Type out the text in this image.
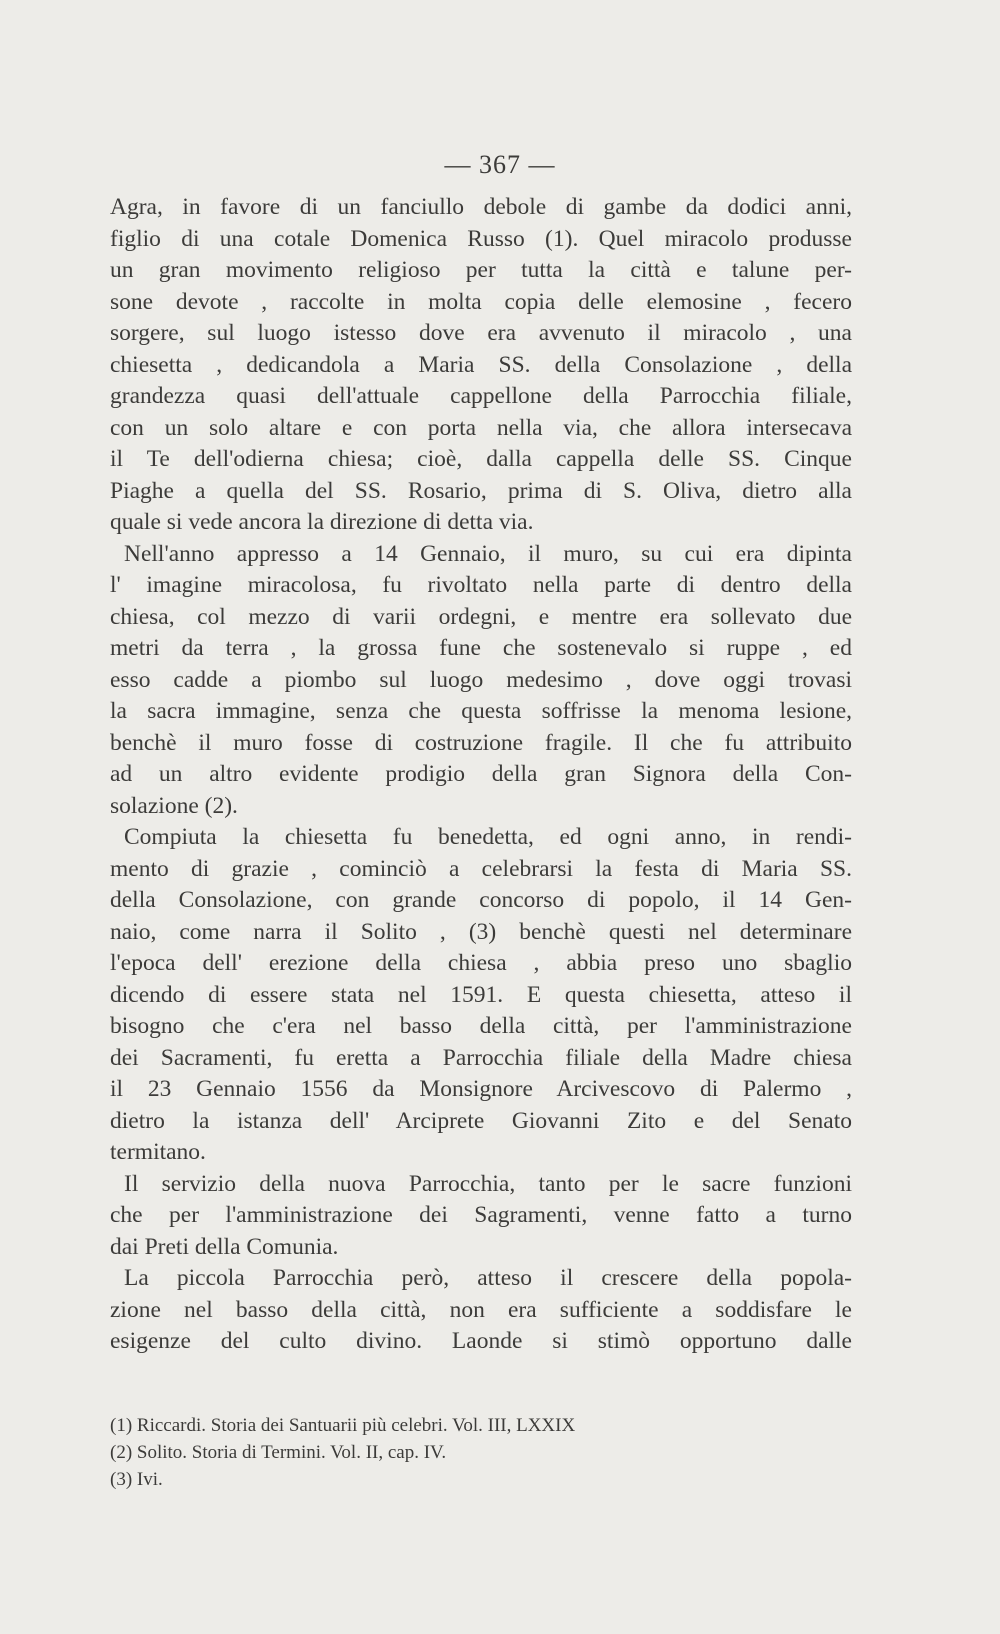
— 367 —
Agra, in favore di un fanciullo debole di gambe da dodici anni,
figlio di una cotale Domenica Russo (1). Quel miracolo produsse
un gran movimento religioso per tutta la città e talune per-
sone devote , raccolte in molta copia delle elemosine , fecero
sorgere, sul luogo istesso dove era avvenuto il miracolo , una
chiesetta , dedicandola a Maria SS. della Consolazione , della
grandezza quasi dell'attuale cappellone della Parrocchia filiale,
con un solo altare e con porta nella via, che allora intersecava
il Te dell'odierna chiesa; cioè, dalla cappella delle SS. Cinque
Piaghe a quella del SS. Rosario, prima di S. Oliva, dietro alla
quale si vede ancora la direzione di detta via.
Nell'anno appresso a 14 Gennaio, il muro, su cui era dipinta
l' imagine miracolosa, fu rivoltato nella parte di dentro della
chiesa, col mezzo di varii ordegni, e mentre era sollevato due
metri da terra , la grossa fune che sostenevalo si ruppe , ed
esso cadde a piombo sul luogo medesimo , dove oggi trovasi
la sacra immagine, senza che questa soffrisse la menoma lesione,
benchè il muro fosse di costruzione fragile. Il che fu attribuito
ad un altro evidente prodigio della gran Signora della Con-
solazione (2).
Compiuta la chiesetta fu benedetta, ed ogni anno, in rendi-
mento di grazie , cominciò a celebrarsi la festa di Maria SS.
della Consolazione, con grande concorso di popolo, il 14 Gen-
naio, come narra il Solito , (3) benchè questi nel determinare
l'epoca dell' erezione della chiesa , abbia preso uno sbaglio
dicendo di essere stata nel 1591. E questa chiesetta, atteso il
bisogno che c'era nel basso della città, per l'amministrazione
dei Sacramenti, fu eretta a Parrocchia filiale della Madre chiesa
il 23 Gennaio 1556 da Monsignore Arcivescovo di Palermo ,
dietro la istanza dell' Arciprete Giovanni Zito e del Senato
termitano.
Il servizio della nuova Parrocchia, tanto per le sacre funzioni
che per l'amministrazione dei Sagramenti, venne fatto a turno
dai Preti della Comunia.
La piccola Parrocchia però, atteso il crescere della popola-
zione nel basso della città, non era sufficiente a soddisfare le
esigenze del culto divino. Laonde si stimò opportuno dalle
(1) Riccardi. Storia dei Santuarii più celebri. Vol. III, LXXIX
(2) Solito. Storia di Termini. Vol. II, cap. IV.
(3) Ivi.
